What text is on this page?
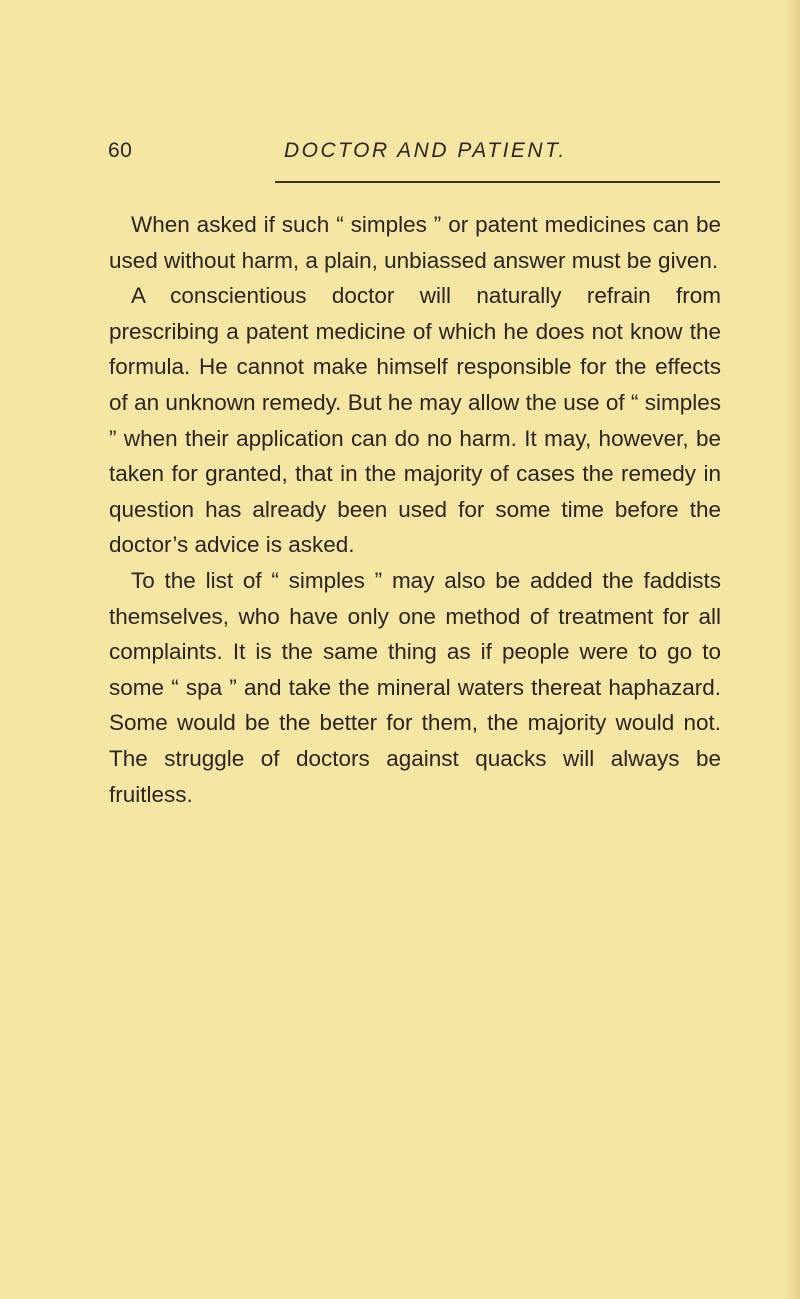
60	DOCTOR AND PATIENT.

When asked if such “ simples ” or patent medicines can be used without harm, a plain, unbiassed answer must be given.

A conscientious doctor will naturally refrain from prescribing a patent medicine of which he does not know the formula. He cannot make himself responsible for the effects of an unknown remedy. But he may allow the use of “ simples ” when their application can do no harm. It may, however, be taken for granted, that in the majority of cases the remedy in question has already been used for some time before the doctor’s advice is asked.

To the list of “ simples ” may also be added the faddists themselves, who have only one method of treatment for all complaints. It is the same thing as if people were to go to some “ spa ” and take the mineral waters thereat haphazard. Some would be the better for them, the majority would not. The struggle of doctors against quacks will always be fruitless.
